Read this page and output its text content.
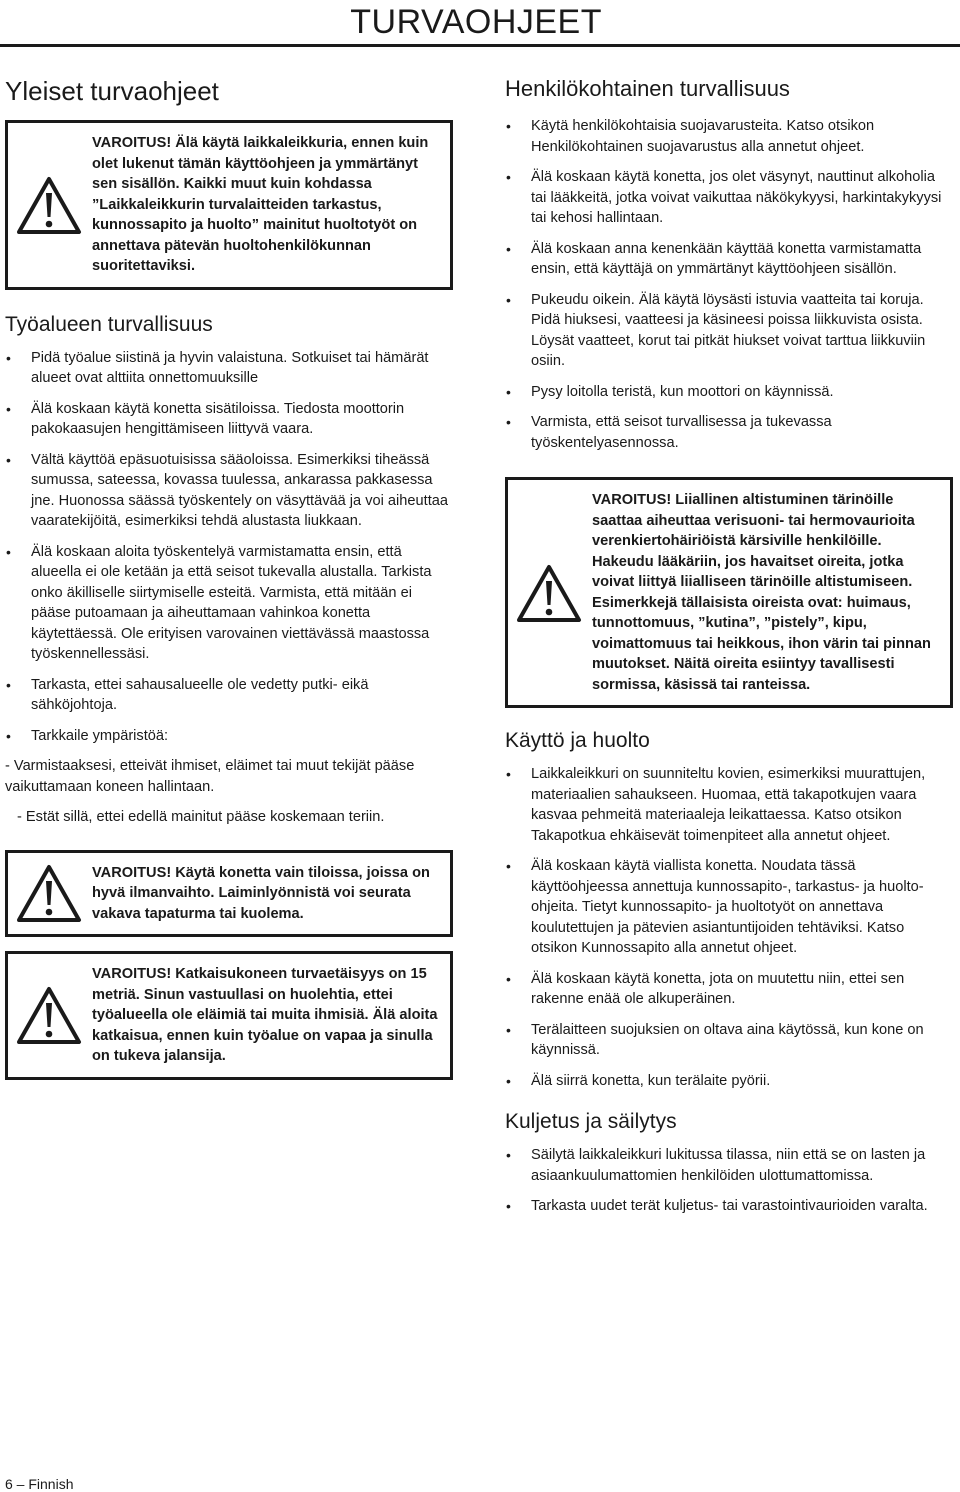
TURVAOHJEET
Yleiset turvaohjeet
VAROITUS! Älä käytä laikkaleikkuria, ennen kuin olet lukenut tämän käyttöohjeen ja ymmärtänyt sen sisällön. Kaikki muut kuin kohdassa ”Laikkaleikkurin turvalaitteiden tarkastus, kunnossapito ja huolto” mainitut huoltotyöt on annettava pätevän huoltohenkilökunnan suoritettaviksi.
Työalueen turvallisuus
• Pidä työalue siistinä ja hyvin valaistuna. Sotkuiset tai hämärät alueet ovat alttiita onnettomuuksille
• Älä koskaan käytä konetta sisätiloissa. Tiedosta moottorin pakokaasujen hengittämiseen liittyvä vaara.
• Vältä käyttöä epäsuotuisissa sääoloissa. Esimerkiksi tiheässä sumussa, sateessa, kovassa tuulessa, ankarassa pakkasessa jne. Huonossa säässä työskentely on väsyttävää ja voi aiheuttaa vaaratekijöitä, esimerkiksi tehdä alustasta liukkaan.
• Älä koskaan aloita työskentelyä varmistamatta ensin, että alueella ei ole ketään ja että seisot tukevalla alustalla. Tarkista onko äkilliselle siirtymiselle esteitä. Varmista, että mitään ei pääse putoamaan ja aiheuttamaan vahinkoa konetta käytettäessä. Ole erityisen varovainen viettävässä maastossa työskennellessäsi.
• Tarkasta, ettei sahausalueelle ole vedetty putki- eikä sähköjohtoja.
• Tarkkaile ympäristöä:

- Varmistaaksesi, etteivät ihmiset, eläimet tai muut tekijät pääse vaikuttamaan koneen hallintaan.

- Estät sillä, ettei edellä mainitut pääse koskemaan teriin.

VAROITUS! Käytä konetta vain tiloissa, joissa on hyvä ilmanvaihto. Laiminlyönnistä voi seurata vakava tapaturma tai kuolema.
VAROITUS! Katkaisukoneen turvaetäisyys on 15 metriä. Sinun vastuullasi on huolehtia, ettei työalueella ole eläimiä tai muita ihmisiä. Älä aloita katkaisua, ennen kuin työalue on vapaa ja sinulla on tukeva jalansija.
Henkilökohtainen turvallisuus
• Käytä henkilökohtaisia suojavarusteita. Katso otsikon Henkilökohtainen suojavarustus alla annetut ohjeet.
• Älä koskaan käytä konetta, jos olet väsynyt, nauttinut alkoholia tai lääkkeitä, jotka voivat vaikuttaa näkökykyysi, harkintakykyysi tai kehosi hallintaan.
• Älä koskaan anna kenenkään käyttää konetta varmistamatta ensin, että käyttäjä on ymmärtänyt käyttöohjeen sisällön.
• Pukeudu oikein. Älä käytä löysästi istuvia vaatteita tai koruja. Pidä hiuksesi, vaatteesi ja käsineesi poissa liikkuvista osista. Löysät vaatteet, korut tai pitkät hiukset voivat tarttua liikkuviin osiin.
• Pysy loitolla teristä, kun moottori on käynnissä.
• Varmista, että seisot turvallisessa ja tukevassa työskentelyasennossa.
VAROITUS! Liiallinen altistuminen tärinöille saattaa aiheuttaa verisuoni- tai hermovaurioita verenkiertohäiriöistä kärsiville henkilöille. Hakeudu lääkäriin, jos havaitset oireita, jotka voivat liittyä liialliseen tärinöille altistumiseen. Esimerkkejä tällaisista oireista ovat: huimaus, tunnottomuus, ”kutina”, ”pistely”, kipu, voimattomuus tai heikkous, ihon värin tai pinnan muutokset. Näitä oireita esiintyy tavallisesti sormissa, käsissä tai ranteissa.
Käyttö ja huolto
• Laikkaleikkuri on suunniteltu kovien, esimerkiksi muurattujen, materiaalien sahaukseen. Huomaa, että takapotkujen vaara kasvaa pehmeitä materiaaleja leikattaessa. Katso otsikon Takapotkua ehkäisevät toimenpiteet alla annetut ohjeet.
• Älä koskaan käytä viallista konetta. Noudata tässä käyttöohjeessa annettuja kunnossapito-, tarkastus- ja huolto-ohjeita. Tietyt kunnossapito- ja huoltotyöt on annettava koulutettujen ja pätevien asiantuntijoiden tehtäviksi. Katso otsikon Kunnossapito alla annetut ohjeet.
• Älä koskaan käytä konetta, jota on muutettu niin, ettei sen rakenne enää ole alkuperäinen.
• Terälaitteen suojuksien on oltava aina käytössä, kun kone on käynnissä.
• Älä siirrä konetta, kun terälaite pyörii.
Kuljetus ja säilytys
• Säilytä laikkaleikkuri lukitussa tilassa, niin että se on lasten ja asiaankuulumattomien henkilöiden ulottumattomissa.
• Tarkasta uudet terät kuljetus- tai varastointivaurioiden varalta.
6 – Finnish
